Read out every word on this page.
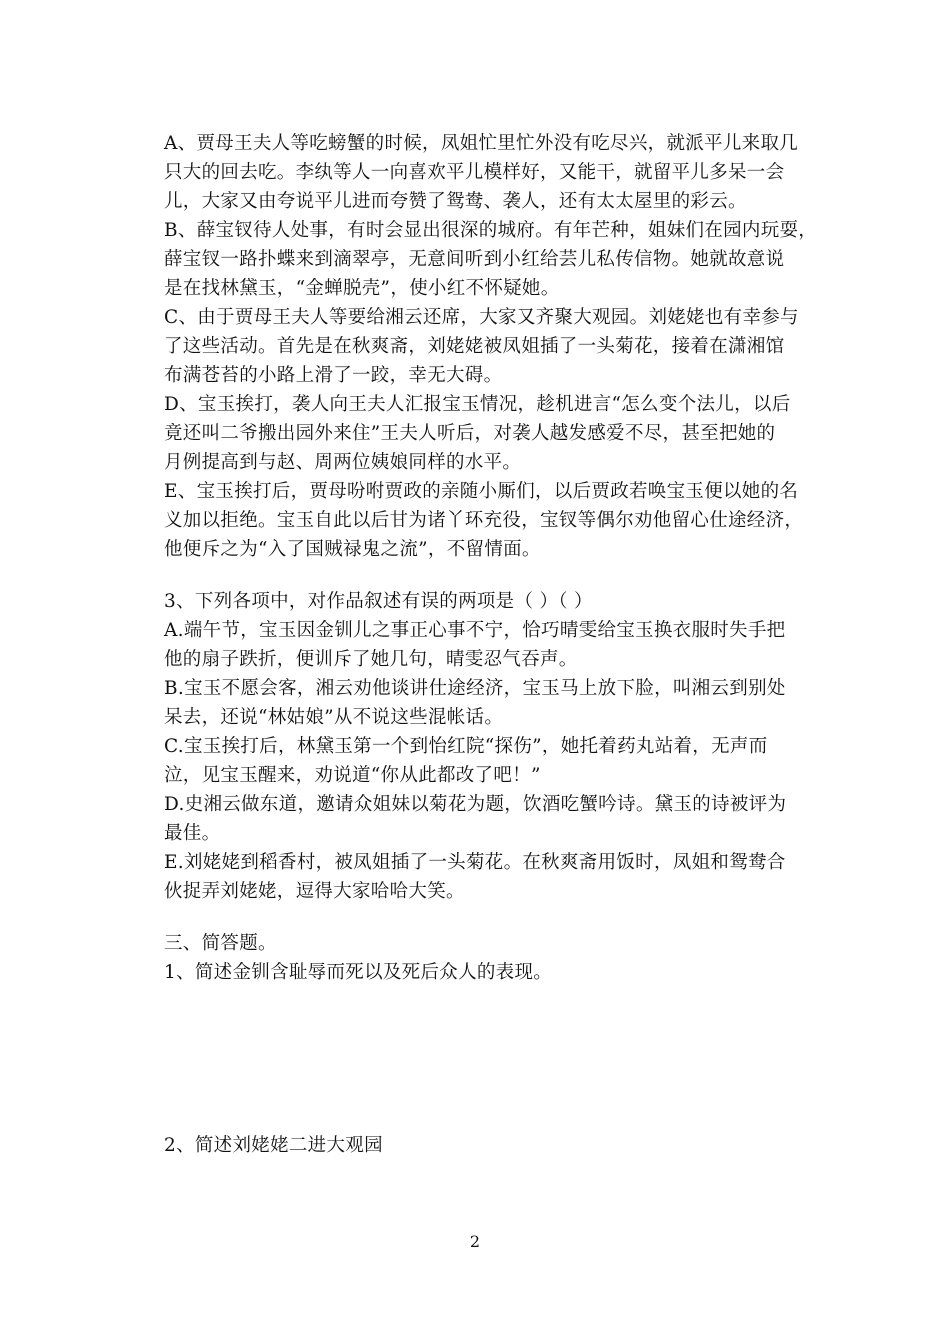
A、贾母王夫人等吃螃蟹的时候，凤姐忙里忙外没有吃尽兴，就派平儿来取几
只大的回去吃。李纨等人一向喜欢平儿模样好，又能干，就留平儿多呆一会
儿，大家又由夸说平儿进而夸赞了鸳鸯、袭人，还有太太屋里的彩云。
B、薛宝钗待人处事，有时会显出很深的城府。有年芒种，姐妹们在园内玩耍，
薛宝钗一路扑蝶来到滴翠亭，无意间听到小红给芸儿私传信物。她就故意说
是在找林黛玉，“金蝉脱壳”，使小红不怀疑她。
C、由于贾母王夫人等要给湘云还席，大家又齐聚大观园。刘姥姥也有幸参与
了这些活动。首先是在秋爽斋，刘姥姥被凤姐插了一头菊花，接着在潇湘馆
布满苍苔的小路上滑了一跤，幸无大碍。
D、宝玉挨打，袭人向王夫人汇报宝玉情况，趁机进言“怎么变个法儿，以后
竟还叫二爷搬出园外来住”王夫人听后，对袭人越发感爱不尽，甚至把她的
月例提高到与赵、周两位姨娘同样的水平。
E、宝玉挨打后，贾母吩咐贾政的亲随小厮们，以后贾政若唤宝玉便以她的名
义加以拒绝。宝玉自此以后甘为诸丫环充役，宝钗等偶尔劝他留心仕途经济，
他便斥之为“入了国贼禄鬼之流”，不留情面。
3、下列各项中，对作品叙述有误的两项是（ ）（ ）
A.端午节，宝玉因金钏儿之事正心事不宁，恰巧晴雯给宝玉换衣服时失手把
他的扇子跌折，便训斥了她几句，晴雯忍气吞声。
B.宝玉不愿会客，湘云劝他谈讲仕途经济，宝玉马上放下脸，叫湘云到别处
呆去，还说“林姑娘”从不说这些混帐话。
C.宝玉挨打后，林黛玉第一个到怡红院“探伤”，她托着药丸站着，无声而
泣，见宝玉醒来，劝说道“你从此都改了吧！”
D.史湘云做东道，邀请众姐妹以菊花为题，饮酒吃蟹吟诗。黛玉的诗被评为
最佳。
E.刘姥姥到稻香村，被凤姐插了一头菊花。在秋爽斋用饭时，凤姐和鸳鸯合
伙捉弄刘姥姥，逗得大家哈哈大笑。
三、简答题。
1、简述金钏含耻辱而死以及死后众人的表现。
2、简述刘姥姥二进大观园
2
